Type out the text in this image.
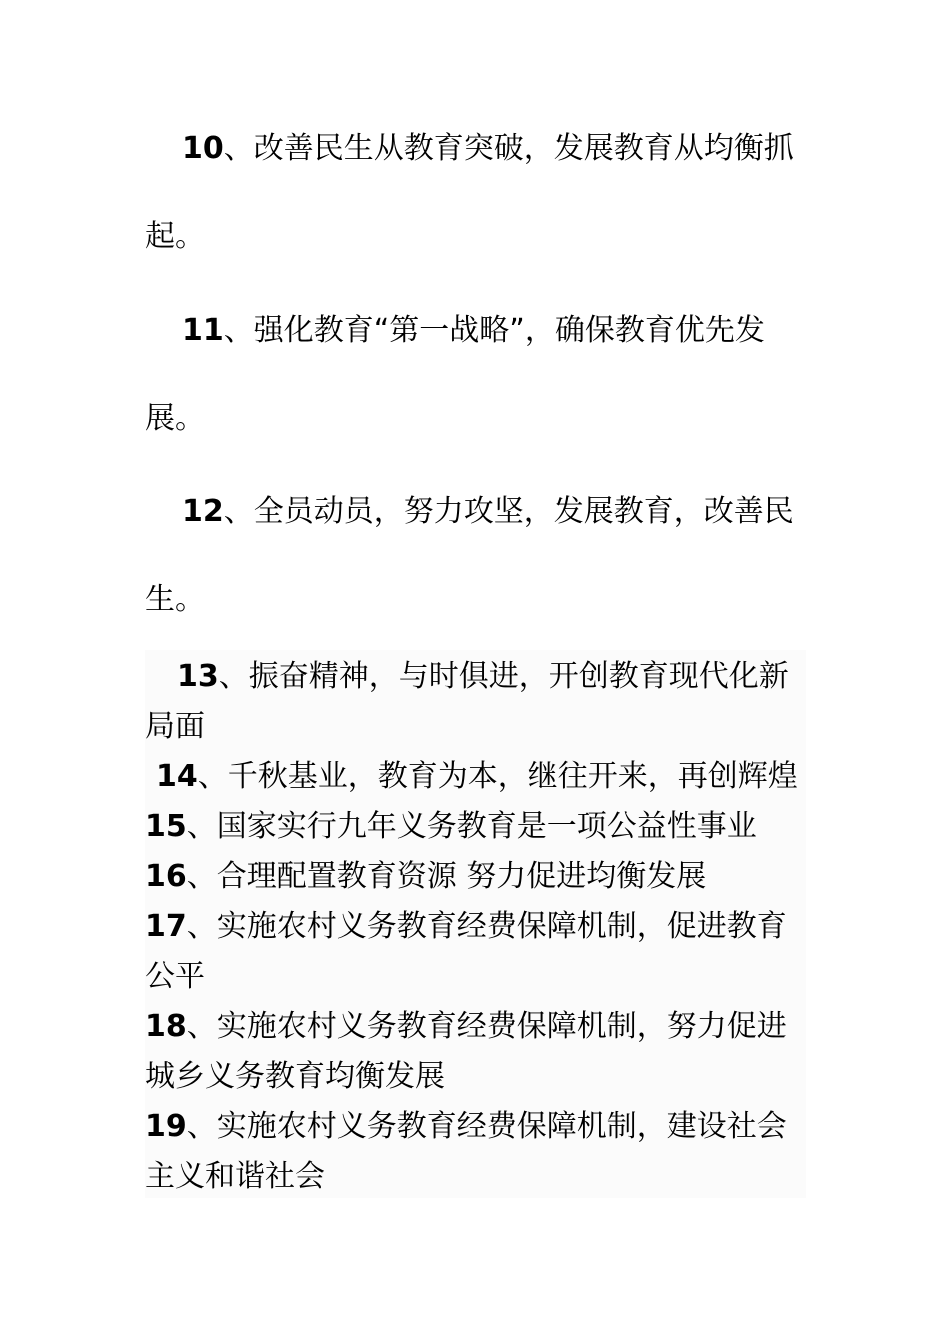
10、改善民生从教育突破，发展教育从均衡抓
起。
11、强化教育“第一战略”，确保教育优先发
展。
12、全员动员，努力攻坚，发展教育，改善民
生。
13、振奋精神，与时俱进，开创教育现代化新
局面
14、千秋基业，教育为本，继往开来，再创辉煌
15、国家实行九年义务教育是一项公益性事业
16、合理配置教育资源 努力促进均衡发展
17、实施农村义务教育经费保障机制，促进教育
公平
18、实施农村义务教育经费保障机制，努力促进
城乡义务教育均衡发展
19、实施农村义务教育经费保障机制，建设社会
主义和谐社会
